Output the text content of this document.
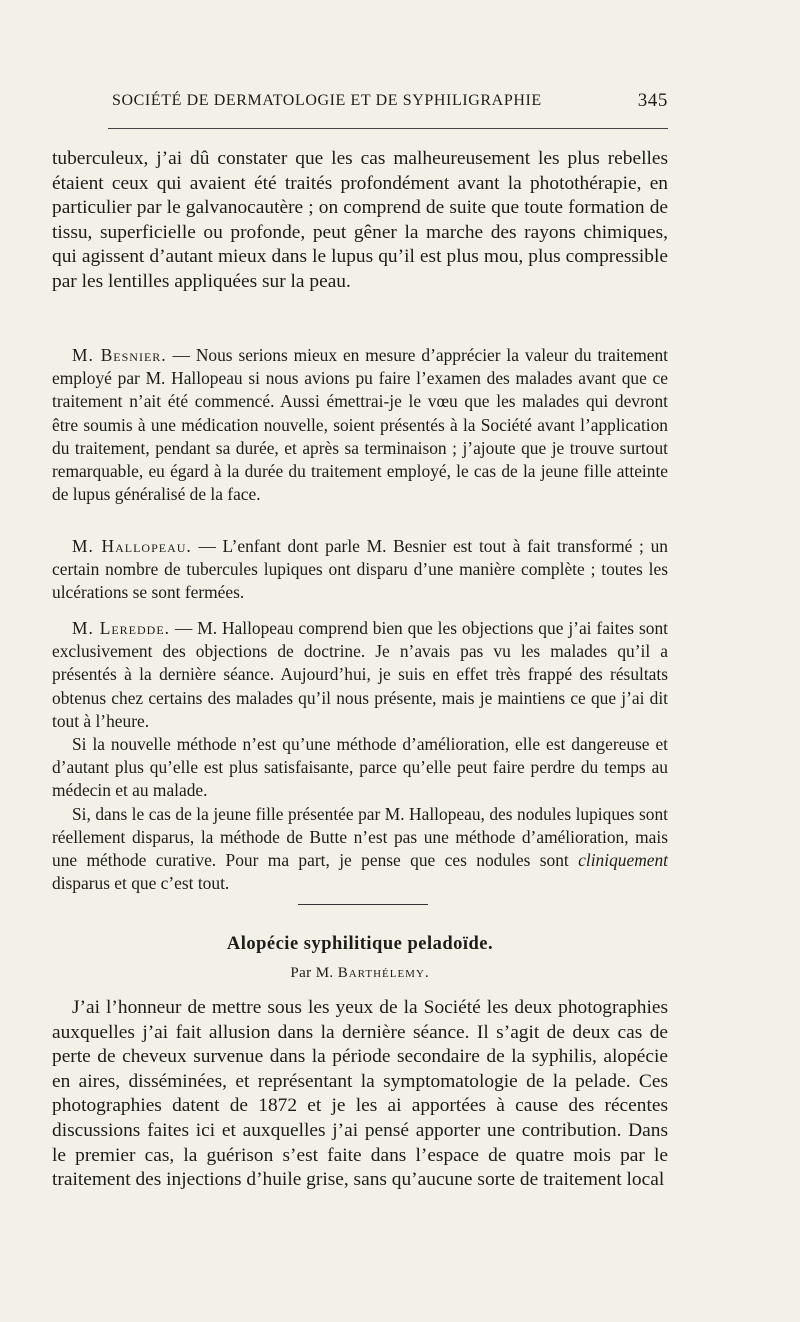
SOCIÉTÉ DE DERMATOLOGIE ET DE SYPHILIGRAPHIE	345

tuberculeux, j’ai dû constater que les cas malheureusement les plus rebelles étaient ceux qui avaient été traités profondément avant la photothérapie, en particulier par le galvanocautère ; on comprend de suite que toute formation de tissu, superficielle ou profonde, peut gêner la marche des rayons chimiques, qui agissent d’autant mieux dans le lupus qu’il est plus mou, plus compressible par les lentilles appliquées sur la peau.

M. Besnier. — Nous serions mieux en mesure d’apprécier la valeur du traitement employé par M. Hallopeau si nous avions pu faire l’examen des malades avant que ce traitement n’ait été commencé. Aussi émettrai-je le vœu que les malades qui devront être soumis à une médication nouvelle, soient présentés à la Société avant l’application du traitement, pendant sa durée, et après sa terminaison ; j’ajoute que je trouve surtout remarquable, eu égard à la durée du traitement employé, le cas de la jeune fille atteinte de lupus généralisé de la face.

M. Hallopeau. — L’enfant dont parle M. Besnier est tout à fait transformé ; un certain nombre de tubercules lupiques ont disparu d’une manière complète ; toutes les ulcérations se sont fermées.

M. Leredde. — M. Hallopeau comprend bien que les objections que j’ai faites sont exclusivement des objections de doctrine. Je n’avais pas vu les malades qu’il a présentés à la dernière séance. Aujourd’hui, je suis en effet très frappé des résultats obtenus chez certains des malades qu’il nous présente, mais je maintiens ce que j’ai dit tout à l’heure.

Si la nouvelle méthode n’est qu’une méthode d’amélioration, elle est dangereuse et d’autant plus qu’elle est plus satisfaisante, parce qu’elle peut faire perdre du temps au médecin et au malade.

Si, dans le cas de la jeune fille présentée par M. Hallopeau, des nodules lupiques sont réellement disparus, la méthode de Butte n’est pas une méthode d’amélioration, mais une méthode curative. Pour ma part, je pense que ces nodules sont cliniquement disparus et que c’est tout.

Alopécie syphilitique peladoïde.
Par M. Barthélemy.

J’ai l’honneur de mettre sous les yeux de la Société les deux photographies auxquelles j’ai fait allusion dans la dernière séance. Il s’agit de deux cas de perte de cheveux survenue dans la période secondaire de la syphilis, alopécie en aires, disséminées, et représentant la symptomatologie de la pelade. Ces photographies datent de 1872 et je les ai apportées à cause des récentes discussions faites ici et auxquelles j’ai pensé apporter une contribution. Dans le premier cas, la guérison s’est faite dans l’espace de quatre mois par le traitement des injections d’huile grise, sans qu’aucune sorte de traitement local
